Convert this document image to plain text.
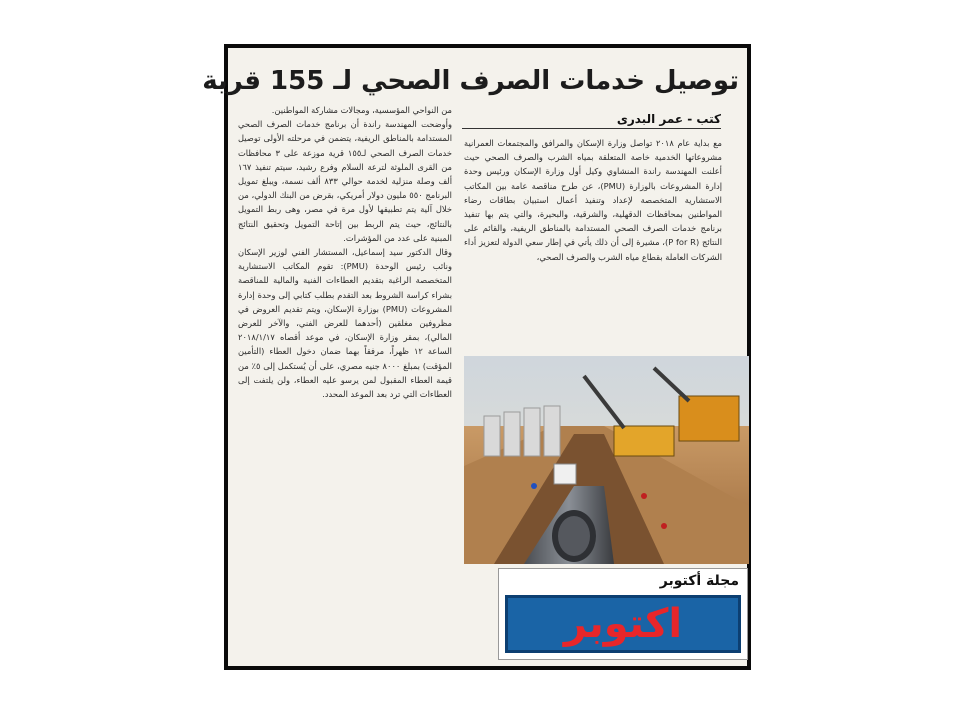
توصيل خدمات الصرف الصحي لـ 155 قرية
كتب - عمر البدرى

مع بداية عام ٢٠١٨ تواصل وزارة الإسكان والمرافق والمجتمعات العمرانية مشروعاتها الخدمية خاصة المتعلقة بمياه الشرب والصرف الصحي حيث أعلنت المهندسة راندة المنشاوي وكيل أول وزارة الإسكان ورئيس وحدة إدارة المشروعات بالوزارة (PMU)، عن طرح مناقصة عامة بين المكاتب الاستشارية المتخصصة لإعداد وتنفيذ أعمال استبيان بطاقات رضاء المواطنين بمحافظات الدقهلية، والشرقية، والبحيرة، والتي يتم بها تنفيذ برنامج خدمات الصرف الصحي المستدامة بالمناطق الريفية، والقائم على النتائج (P for R)، مشيرة إلى أن ذلك يأتي في إطار سعي الدولة لتعزيز أداء الشركات العاملة بقطاع مياه الشرب والصرف الصحي،

من النواحي المؤسسية، ومجالات مشاركة المواطنين.

وأوضحت المهندسة راندة أن برنامج خدمات الصرف الصحي المستدامة بالمناطق الريفية، يتضمن في مرحلته الأولى توصيل خدمات الصرف الصحي لـ١٥٥ قرية موزعة على ٣ محافظات من القرى الملوثة لترعة السلام وفرع رشيد، سيتم تنفيذ ١٦٧ ألف وصلة منزلية لخدمة حوالي ٨٣٣ ألف نسمة، ويبلغ تمويل البرنامج ٥٥٠ مليون دولار أمريكي، بقرض من البنك الدولي، من خلال آلية يتم تطبيقها لأول مرة في مصر، وهى ربط التمويل بالنتائج، حيث يتم الربط بين إتاحة التمويل وتحقيق النتائج المبنية على عدد من المؤشرات.

وقال الدكتور سيد إسماعيل، المستشار الفني لوزير الإسكان ونائب رئيس الوحدة (PMU): تقوم المكاتب الاستشارية المتخصصة الراغبة بتقديم العطاءات الفنية والمالية للمناقصة بشراء كراسة الشروط بعد التقدم بطلب كتابي إلى وحدة إدارة المشروعات (PMU) بوزارة الإسكان، ويتم تقديم العروض في مظروفين مغلقين (أحدهما للعرض الفني، والآخر للعرض المالي)، بمقر وزارة الإسكان، في موعد أقصاه ٢٠١٨/١/١٧ الساعة ١٢ ظهراً، مرفقاً بهما ضمان دخول العطاء (التأمين المؤقت) بمبلغ ٨٠٠٠ جنيه مصري، على أن يُستكمل إلى ٥٪ من قيمة العطاء المقبول لمن يرسو عليه العطاء، ولن يلتفت إلى العطاءات التي ترد بعد الموعد المحدد.

مجلة أكتوبر
اكتوبر
